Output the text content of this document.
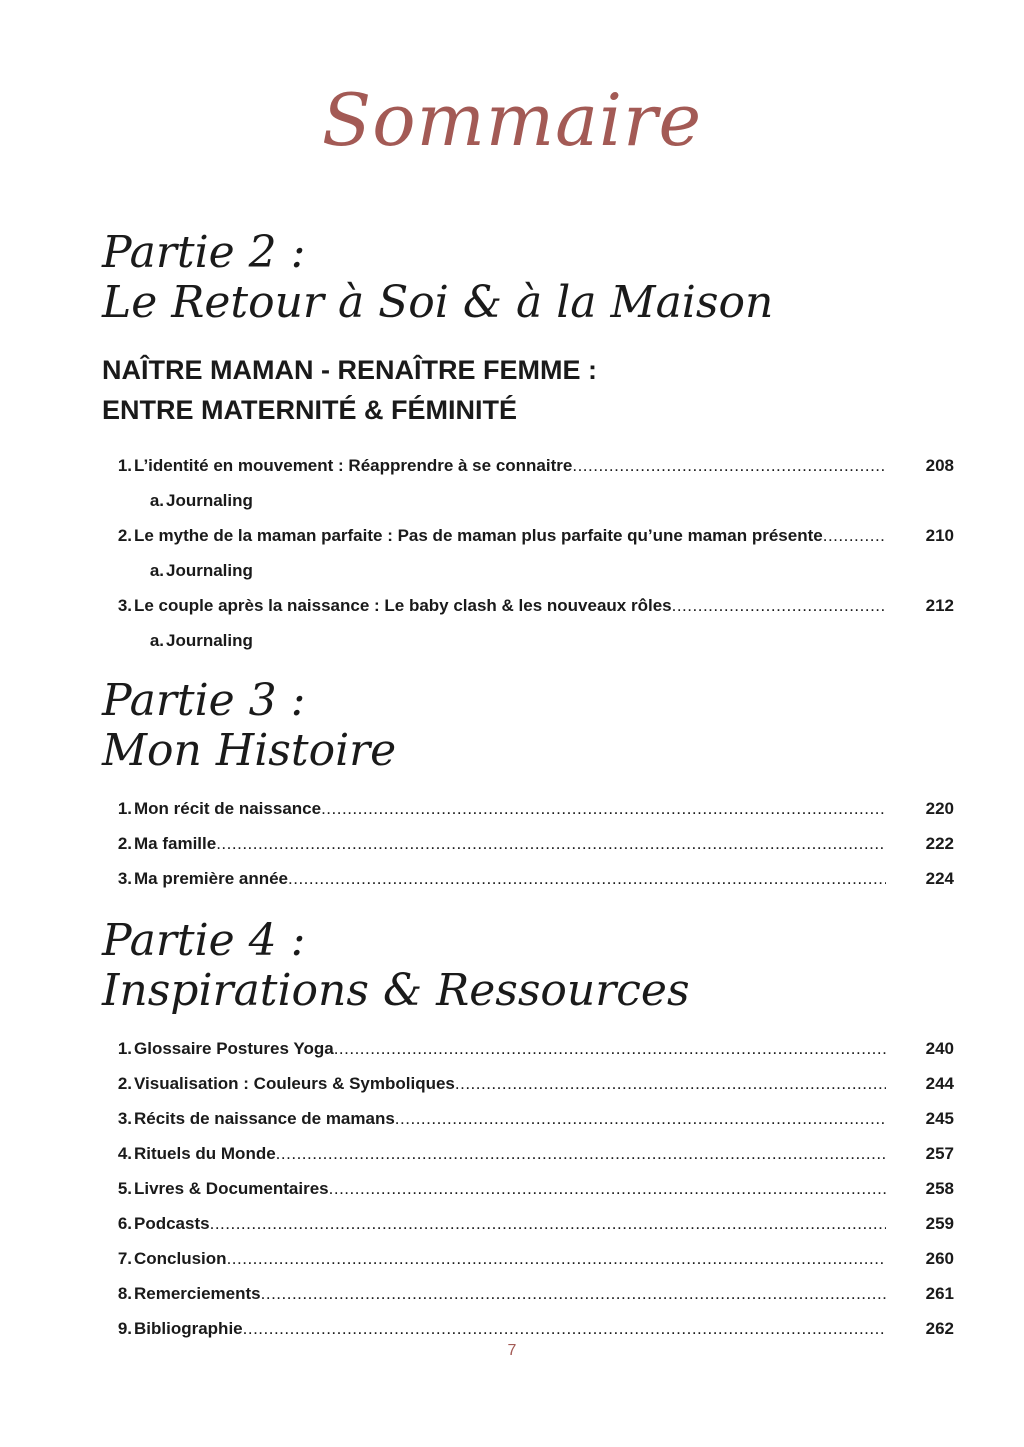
Sommaire
Partie 2 :
Le Retour à Soi & à la Maison
NAÎTRE MAMAN - RENAÎTRE FEMME :
ENTRE MATERNITÉ & FÉMINITÉ
1. L’identité en mouvement : Réapprendre à se connaitre .....	208
a. Journaling
2. Le mythe de la maman parfaite : Pas de maman plus parfaite qu’une maman présente .....	210
a. Journaling
3. Le couple après la naissance : Le baby clash & les nouveaux rôles .....	212
a. Journaling
Partie 3 :
Mon Histoire
1. Mon récit de naissance .....	220
2. Ma famille .....	222
3. Ma première année .....	224
Partie 4 :
Inspirations & Ressources
1. Glossaire Postures Yoga .....	240
2. Visualisation : Couleurs & Symboliques .....	244
3. Récits de naissance de mamans .....	245
4. Rituels du Monde .....	257
5. Livres & Documentaires .....	258
6. Podcasts .....	259
7. Conclusion .....	260
8. Remerciements .....	261
9. Bibliographie .....	262
7
